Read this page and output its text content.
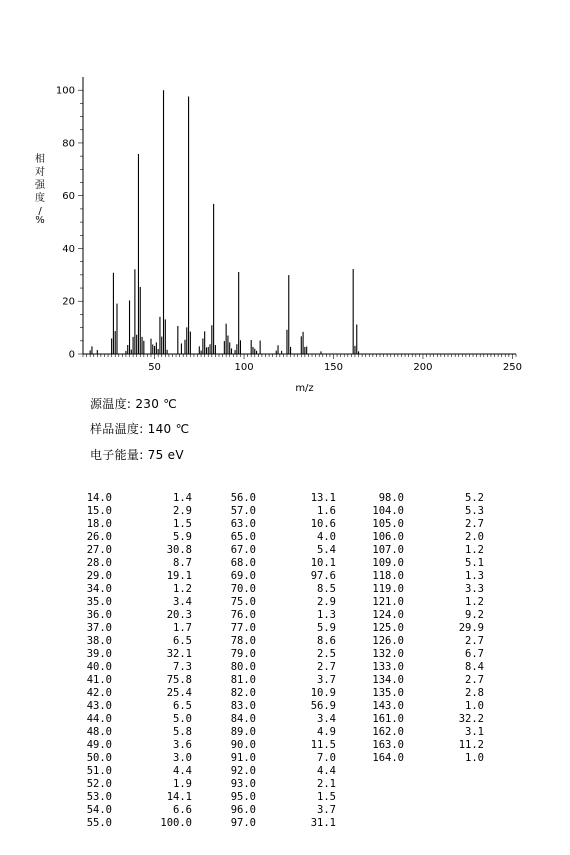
0
20
40
60
80
100
50	100	150	200	250
m/z
相对强度/ %
源温度: 230 ℃
样品温度: 140 ℃
电子能量: 75 eV
14.0	1.4
15.0	2.9
18.0	1.5
26.0	5.9
27.0	30.8
28.0	8.7
29.0	19.1
34.0	1.2
35.0	3.4
36.0	20.3
37.0	1.7
38.0	6.5
39.0	32.1
40.0	7.3
41.0	75.8
42.0	25.4
43.0	6.5
44.0	5.0
48.0	5.8
49.0	3.6
50.0	3.0
51.0	4.4
52.0	1.9
53.0	14.1
54.0	6.6
55.0	100.0
56.0	13.1
57.0	1.6
63.0	10.6
65.0	4.0
67.0	5.4
68.0	10.1
69.0	97.6
70.0	8.5
75.0	2.9
76.0	1.3
77.0	5.9
78.0	8.6
79.0	2.5
80.0	2.7
81.0	3.7
82.0	10.9
83.0	56.9
84.0	3.4
89.0	4.9
90.0	11.5
91.0	7.0
92.0	4.4
93.0	2.1
95.0	1.5
96.0	3.7
97.0	31.1
98.0	5.2
104.0	5.3
105.0	2.7
106.0	2.0
107.0	1.2
109.0	5.1
118.0	1.3
119.0	3.3
121.0	1.2
124.0	9.2
125.0	29.9
126.0	2.7
132.0	6.7
133.0	8.4
134.0	2.7
135.0	2.8
143.0	1.0
161.0	32.2
162.0	3.1
163.0	11.2
164.0	1.0
